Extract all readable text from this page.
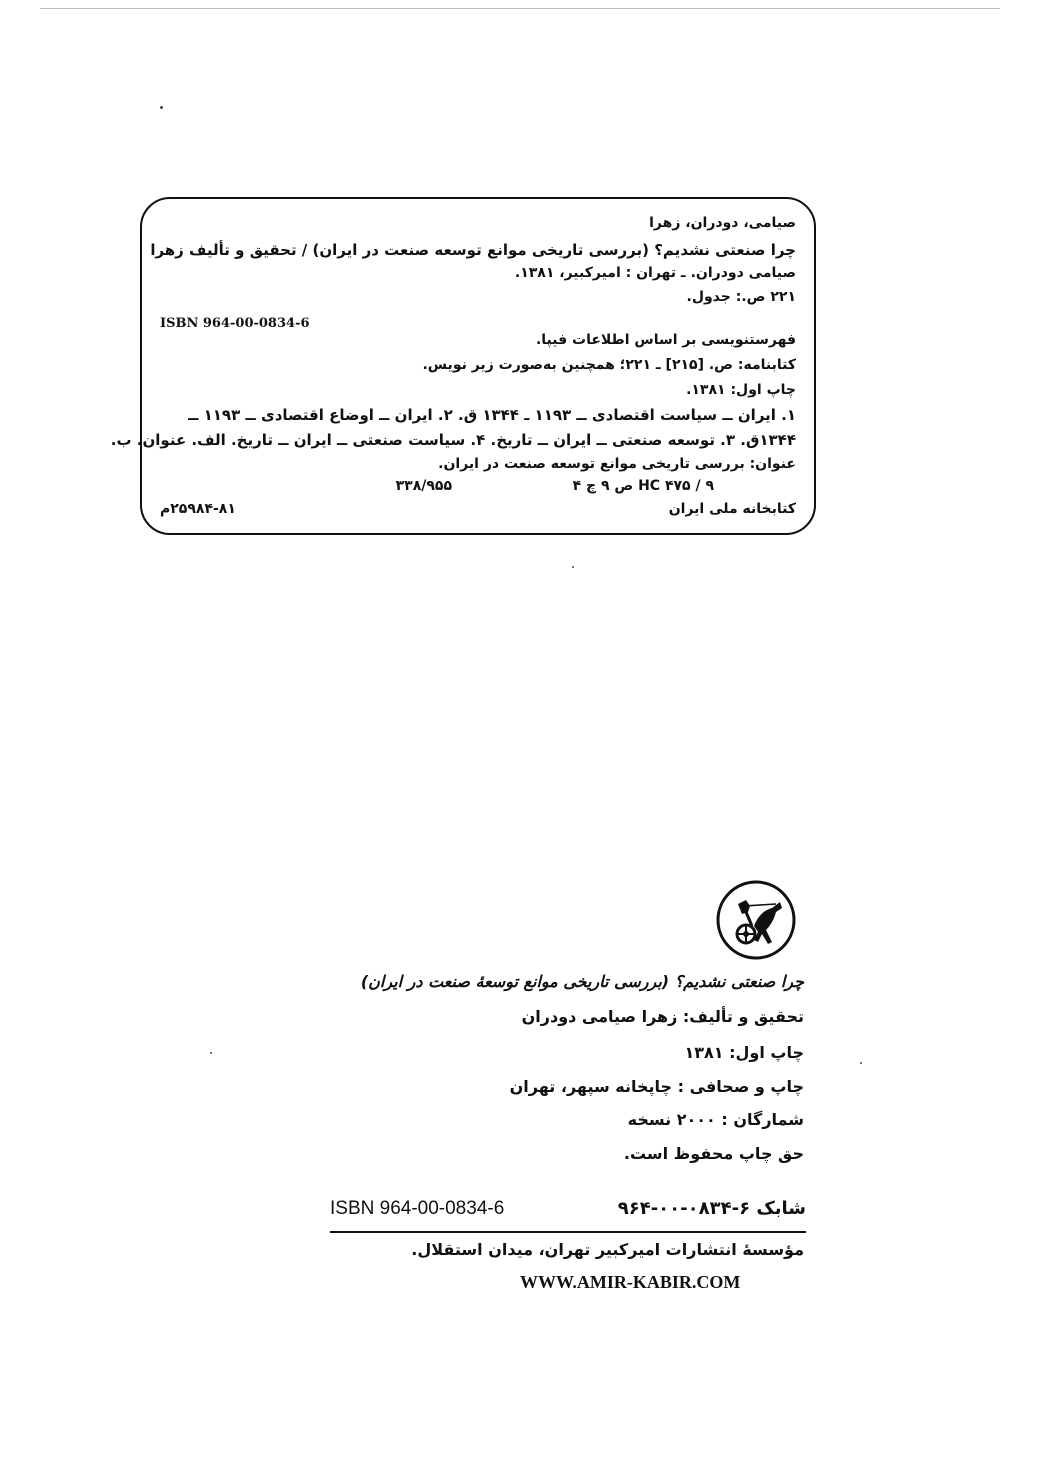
صیامی، دودران، زهرا
چرا صنعتی نشدیم؟ (بررسی تاریخی موانع توسعه صنعت در ایران) / تحقیق و تألیف زهرا
صیامی دودران. ـ تهران : امیرکبیر، ۱۳۸۱.
۲۲۱ ص.: جدول.
ISBN 964-00-0834-6
فهرستنویسی بر اساس اطلاعات فیپا.
کتابنامه: ص. [۲۱۵] ـ ۲۲۱؛ همچنین به‌صورت زیر نویس.
چاپ اول: ۱۳۸۱.
۱. ایران ــ سیاست اقتصادی ــ ۱۱۹۳ ـ ۱۳۴۴ ق. ۲. ایران ــ اوضاع اقتصادی ــ ۱۱۹۳ ــ
۱۳۴۴ق. ۳. توسعه صنعتی ــ ایران ــ تاریخ. ۴. سیاست صنعتی ــ ایران ــ تاریخ. الف. عنوان. ب.
عنوان: بررسی تاریخی موانع توسعه صنعت در ایران.
HC ۴۷۵ / ۹ ص ۹ چ ۴
۳۳۸/۹۵۵
کتابخانه ملی ایران
۲۵۹۸۴-۸۱م
چرا صنعتی نشدیم؟ (بررسی تاریخی موانع توسعهٔ صنعت در ایران)
تحقیق و تألیف: زهرا صیامی دودران
چاپ اول: ۱۳۸۱
چاپ و صحافی : چاپخانه سپهر، تهران
شمارگان : ۲۰۰۰ نسخه
حق چاپ محفوظ است.
ISBN 964-00-0834-6	شابک ۶-۰۸۳۴-۰۰-۹۶۴
مؤسسهٔ انتشارات امیرکبیر تهران، میدان استقلال.
WWW.AMIR-KABIR.COM
